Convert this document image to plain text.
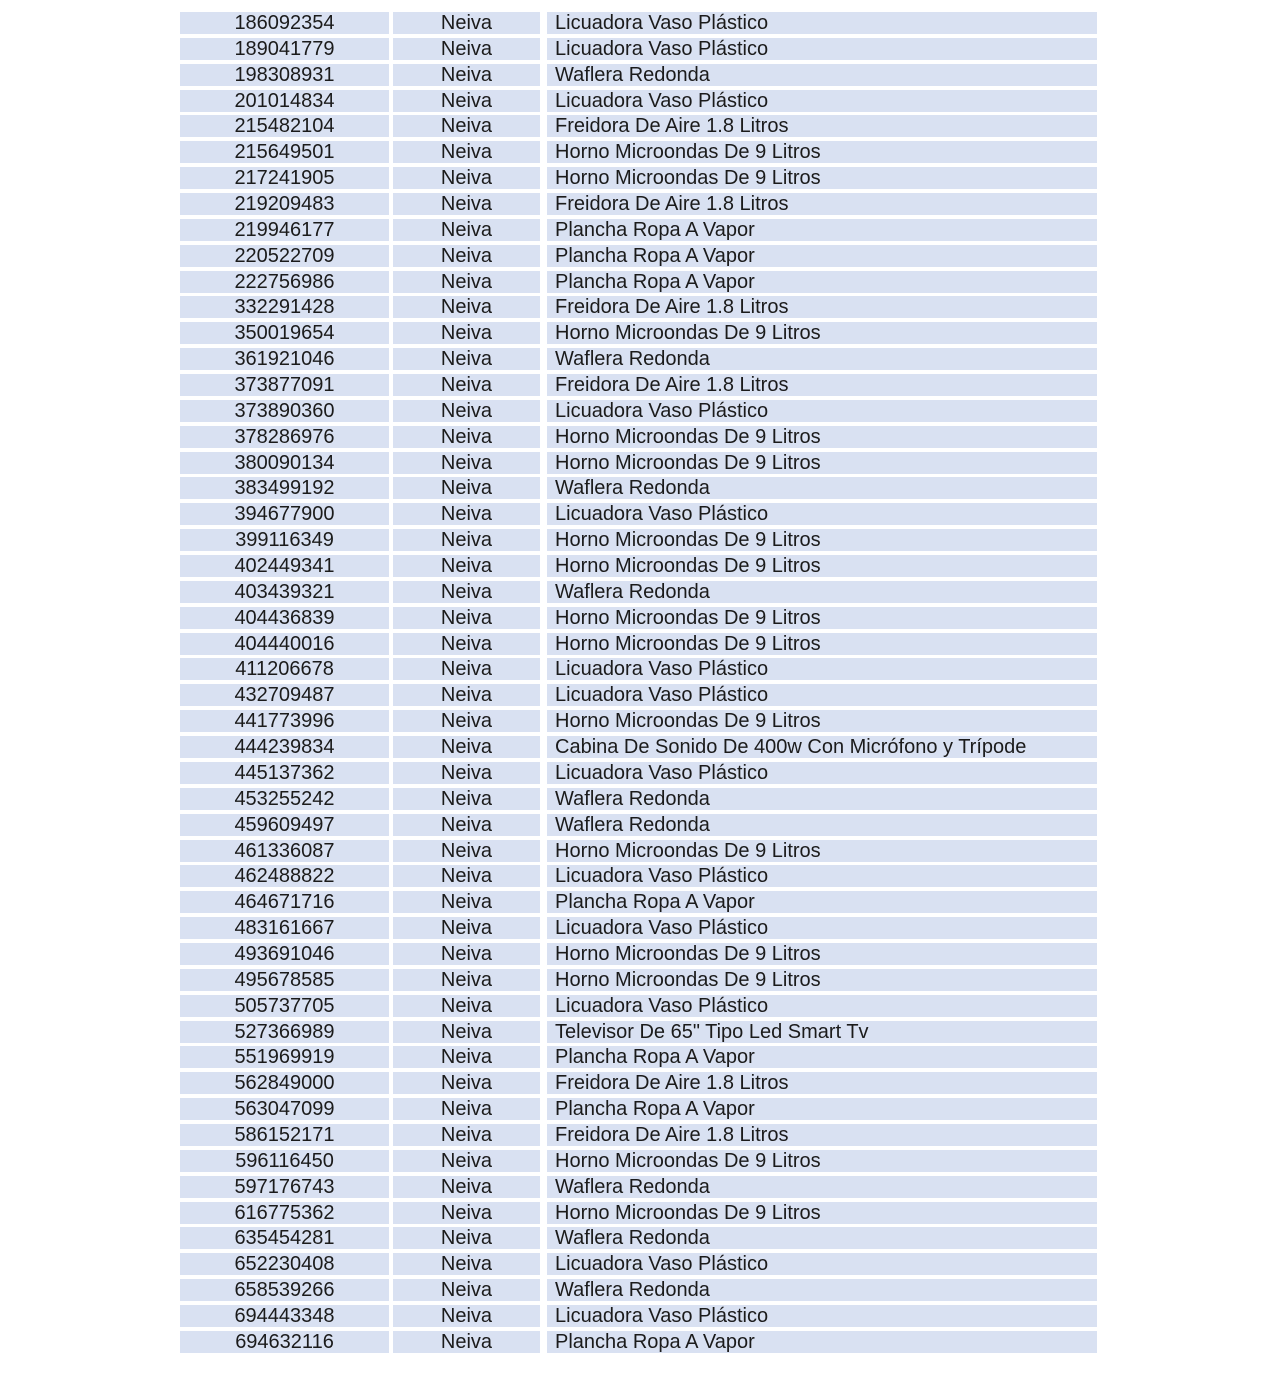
186092354	Neiva	Licuadora Vaso Plástico
189041779	Neiva	Licuadora Vaso Plástico
198308931	Neiva	Waflera Redonda
201014834	Neiva	Licuadora Vaso Plástico
215482104	Neiva	Freidora De Aire 1.8 Litros
215649501	Neiva	Horno Microondas De 9 Litros
217241905	Neiva	Horno Microondas De 9 Litros
219209483	Neiva	Freidora De Aire 1.8 Litros
219946177	Neiva	Plancha Ropa A Vapor
220522709	Neiva	Plancha Ropa A Vapor
222756986	Neiva	Plancha Ropa A Vapor
332291428	Neiva	Freidora De Aire 1.8 Litros
350019654	Neiva	Horno Microondas De 9 Litros
361921046	Neiva	Waflera Redonda
373877091	Neiva	Freidora De Aire 1.8 Litros
373890360	Neiva	Licuadora Vaso Plástico
378286976	Neiva	Horno Microondas De 9 Litros
380090134	Neiva	Horno Microondas De 9 Litros
383499192	Neiva	Waflera Redonda
394677900	Neiva	Licuadora Vaso Plástico
399116349	Neiva	Horno Microondas De 9 Litros
402449341	Neiva	Horno Microondas De 9 Litros
403439321	Neiva	Waflera Redonda
404436839	Neiva	Horno Microondas De 9 Litros
404440016	Neiva	Horno Microondas De 9 Litros
411206678	Neiva	Licuadora Vaso Plástico
432709487	Neiva	Licuadora Vaso Plástico
441773996	Neiva	Horno Microondas De 9 Litros
444239834	Neiva	Cabina De Sonido De 400w Con Micrófono y Trípode
445137362	Neiva	Licuadora Vaso Plástico
453255242	Neiva	Waflera Redonda
459609497	Neiva	Waflera Redonda
461336087	Neiva	Horno Microondas De 9 Litros
462488822	Neiva	Licuadora Vaso Plástico
464671716	Neiva	Plancha Ropa A Vapor
483161667	Neiva	Licuadora Vaso Plástico
493691046	Neiva	Horno Microondas De 9 Litros
495678585	Neiva	Horno Microondas De 9 Litros
505737705	Neiva	Licuadora Vaso Plástico
527366989	Neiva	Televisor De 65" Tipo Led Smart Tv
551969919	Neiva	Plancha Ropa A Vapor
562849000	Neiva	Freidora De Aire 1.8 Litros
563047099	Neiva	Plancha Ropa A Vapor
586152171	Neiva	Freidora De Aire 1.8 Litros
596116450	Neiva	Horno Microondas De 9 Litros
597176743	Neiva	Waflera Redonda
616775362	Neiva	Horno Microondas De 9 Litros
635454281	Neiva	Waflera Redonda
652230408	Neiva	Licuadora Vaso Plástico
658539266	Neiva	Waflera Redonda
694443348	Neiva	Licuadora Vaso Plástico
694632116	Neiva	Plancha Ropa A Vapor
